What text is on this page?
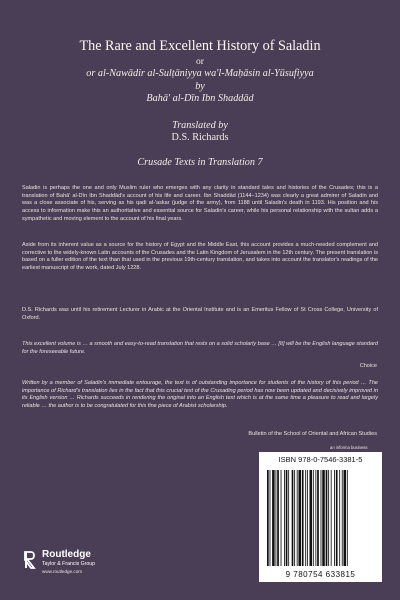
The Rare and Excellent History of Saladin
or
or al-Nawādir al-Sulṭāniyya wa'l-Maḥāsin al-Yūsufiyya
by
Bahā' al-Dīn Ibn Shaddād
Translated by
D.S. Richards
Crusade Texts in Translation 7

Saladin is perhaps the one and only Muslim ruler who emerges with any clarity in standard tales and histories of the Crusades; this is a translation of Bahā' al-Dīn Ibn Shaddād's account of his life and career. Ibn Shaddād (1144–1234) was clearly a great admirer of Saladin and was a close associate of his, serving as his qadi al-'askar (judge of the army), from 1188 until Saladin's death in 1193. His position and his access to information make this an authoritative and essential source for Saladin's career, while his personal relationship with the sultan adds a sympathetic and moving element to the account of his final years.

Aside from its inherent value as a source for the history of Egypt and the Middle East, this account provides a much-needed complement and corrective to the widely-known Latin accounts of the Crusades and the Latin Kingdom of Jerusalem in the 12th century. The present translation is based on a fuller edition of the text than that used in the previous 19th-century translation, and takes into account the translator's readings of the earliest manuscript of the work, dated July 1228.

D.S. Richards was until his retirement Lecturer in Arabic at the Oriental Institute and is an Emeritus Fellow of St Cross College, University of Oxford.

This excellent volume is … a smooth and easy-to-read translation that rests on a solid scholarly base … [It] will be the English language standard for the foreseeable future.

Choice

Written by a member of Saladin's immediate entourage, the text is of outstanding importance for students of the history of this period … The importance of Richard's translation lies in the fact that this crucial text of the Crusading period has now been updated and decisively improved in its English version … Richards succeeds in rendering the original into an English text which is at the same time a pleasure to read and largely reliable … the author is to be congratulated for this fine piece of Arabist scholarship.

Bulletin of the School of Oriental and African Studies
an informa business
Routledge
Taylor & Francis Group
www.routledge.com
ISBN 978-0-7546-3381-5
9 780754 633815
